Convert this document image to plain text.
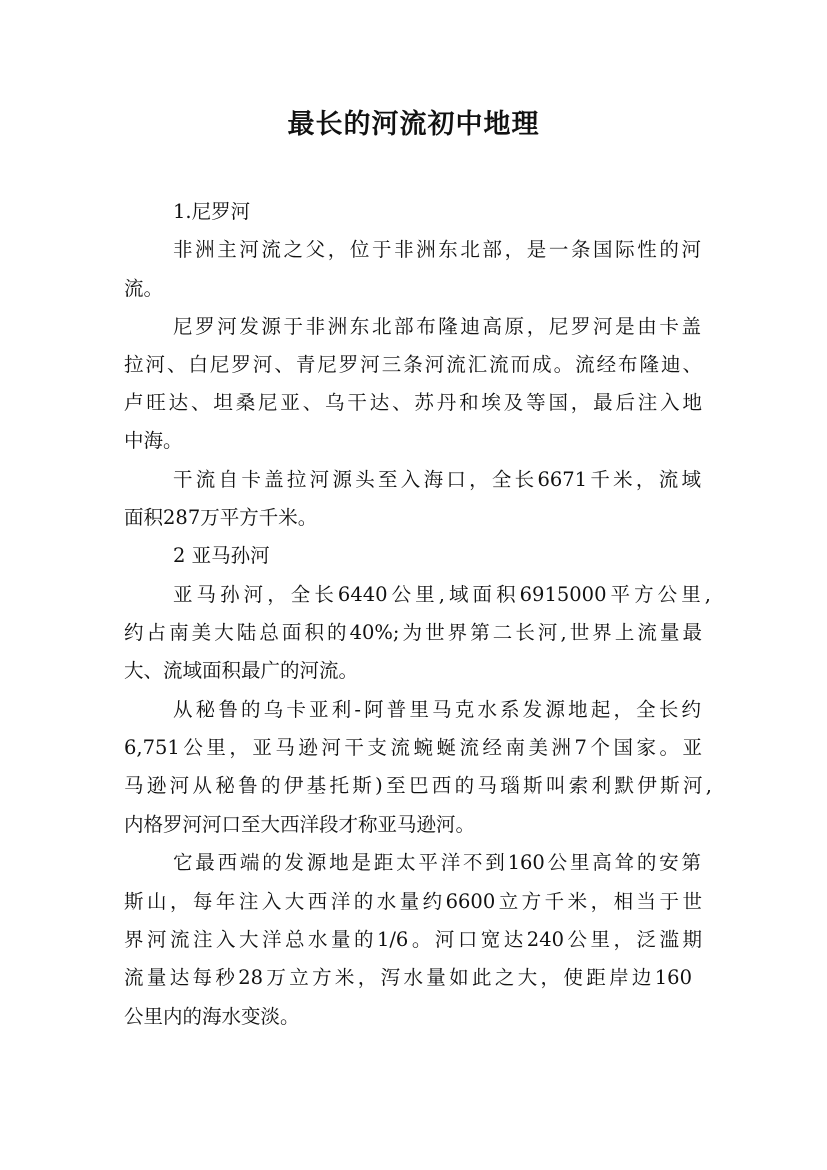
最长的河流初中地理
1.尼罗河
非洲主河流之父，位于非洲东北部，是一条国际性的河
流。
尼罗河发源于非洲东北部布隆迪高原，尼罗河是由卡盖
拉河、白尼罗河、青尼罗河三条河流汇流而成。流经布隆迪、
卢旺达、坦桑尼亚、乌干达、苏丹和埃及等国，最后注入地
中海。
干流自卡盖拉河源头至入海口，全长6671千米，流域
面积287万平方千米。
2 亚马孙河
亚马孙河，全长6440公里,域面积6915000平方公里,
约占南美大陆总面积的40%;为世界第二长河,世界上流量最
大、流域面积最广的河流。
从秘鲁的乌卡亚利-阿普里马克水系发源地起，全长约
6,751公里，亚马逊河干支流蜿蜒流经南美洲7个国家。亚
马逊河从秘鲁的伊基托斯)至巴西的马瑙斯叫索利默伊斯河,
内格罗河河口至大西洋段才称亚马逊河。
它最西端的发源地是距太平洋不到160公里高耸的安第
斯山，每年注入大西洋的水量约6600立方千米，相当于世
界河流注入大洋总水量的1/6。河口宽达240公里，泛滥期
流量达每秒28万立方米，泻水量如此之大，使距岸边160
公里内的海水变淡。
